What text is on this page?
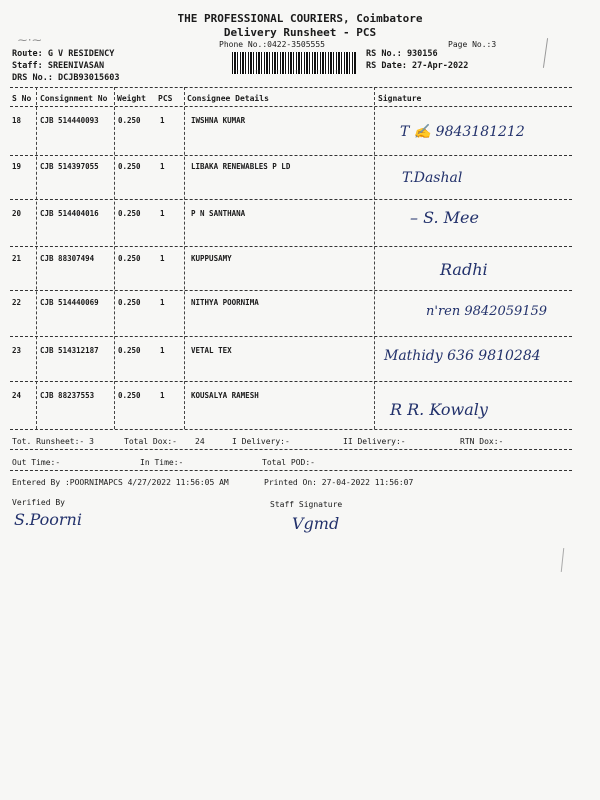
THE PROFESSIONAL COURIERS, Coimbatore
Delivery Runsheet - PCS
Phone No.:0422-3505555	Page No.:3
⁓·⁓
Route: G V RESIDENCY
Staff: SREENIVASAN
DRS No.: DCJB93015603
RS No.: 930156
RS Date: 27-Apr-2022
S No Consignment No Weight PCS Consignee Details	Signature
18	CJB 514440093	0.250	1	IWSHNA KUMAR
T ✍ 9843181212
19	CJB 514397055	0.250	1	LIBAKA RENEWABLES P LD
T.Dashal
20	CJB 514404016	0.250	1	P N SANTHANA	– S. Mee
21	CJB 88307494	0.250	1	KUPPUSAMY
Radhi
22	CJB 514440069	0.250	1	NITHYA POORNIMA
n'ren 9842059159
23	CJB 514312187	0.250	1	VETAL TEX	Mathidy 636 9810284
24	CJB 88237553	0.250	1	KOUSALYA RAMESH
R R. Kowaly
Tot. Runsheet:- 3	Total Dox:- 24	I Delivery:-	II Delivery:-	RTN Dox:-
Out Time:-	In Time:-	Total POD:-
Entered By :POORNIMAPCS 4/27/2022 11:56:05 AM	Printed On: 27-04-2022 11:56:07
Verified By
S.Poorni
Staff Signature
Vgmd
